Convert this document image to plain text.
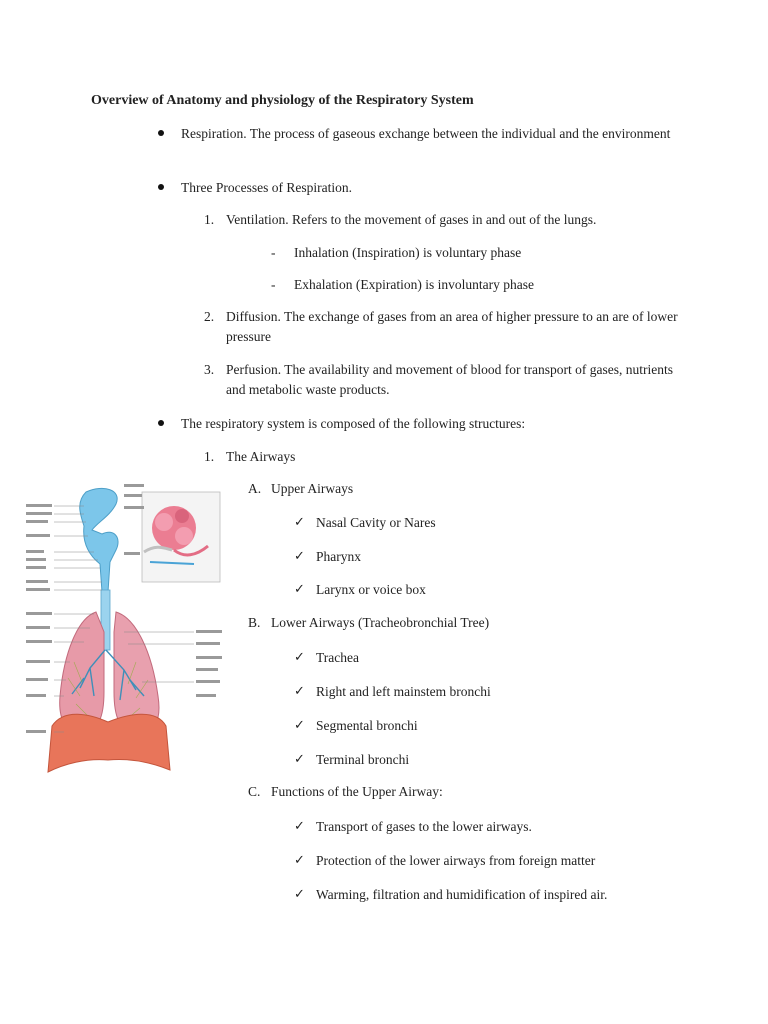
Overview of Anatomy and physiology of the Respiratory System

Respiration. The process of gaseous exchange between the individual and the environment

Three Processes of Respiration.

1. Ventilation. Refers to the movement of gases in and out of the lungs.

- Inhalation (Inspiration) is voluntary phase

- Exhalation (Expiration) is involuntary phase

2. Diffusion. The exchange of gases from an area of higher pressure to an are of lower pressure

3. Perfusion. The availability and movement of blood for transport of gases, nutrients and metabolic waste products.

The respiratory system is composed of the following structures:

1. The Airways

A. Upper Airways

✓ Nasal Cavity or Nares

✓ Pharynx

✓ Larynx or voice box

B. Lower Airways (Tracheobronchial Tree)

✓ Trachea

✓ Right and left mainstem bronchi

✓ Segmental bronchi

✓ Terminal bronchi

C. Functions of the Upper Airway:

✓ Transport of gases to the lower airways.

✓ Protection of the lower airways from foreign matter

✓ Warming, filtration and humidification of inspired air.
